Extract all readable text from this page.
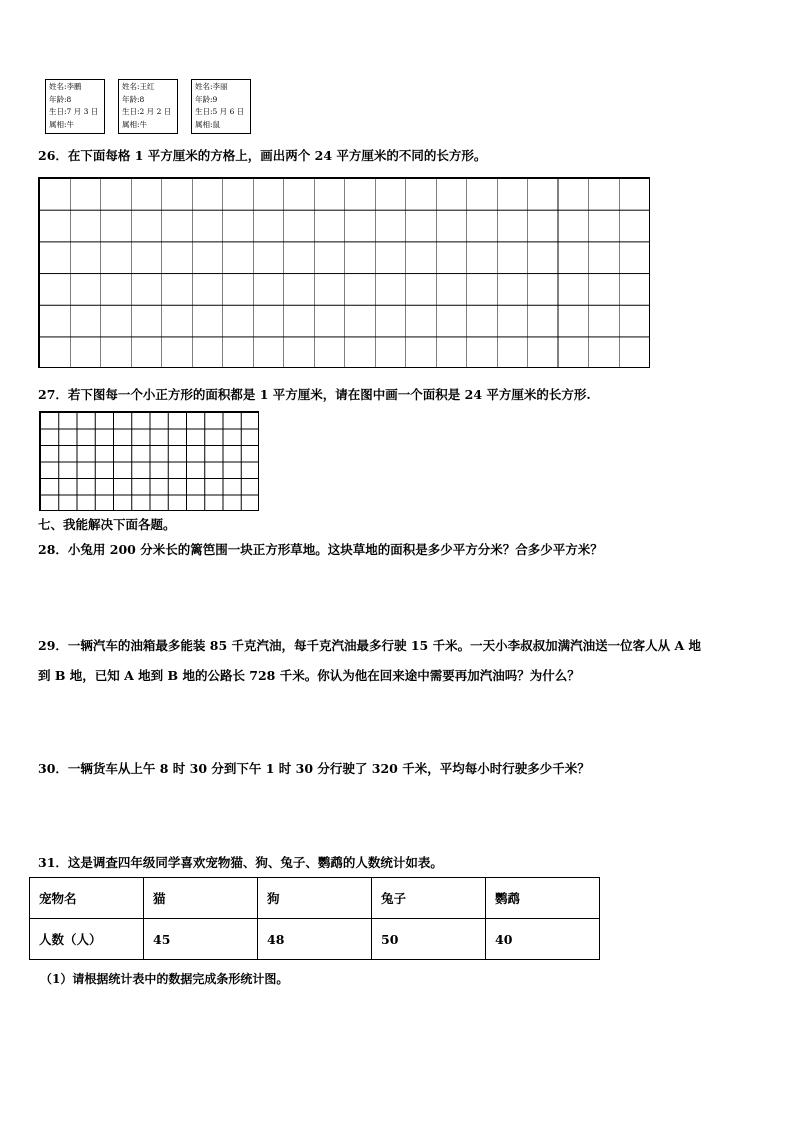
姓名:李鹏
年龄:8
生日:7 月 3 日
属相:牛
姓名:王红
年龄:8
生日:2 月 2 日
属相:牛
姓名:李丽
年龄:9
生日:5 月 6 日
属相:鼠
26．在下面每格 1 平方厘米的方格上，画出两个 24 平方厘米的不同的长方形。
27．若下图每一个小正方形的面积都是 1 平方厘米，请在图中画一个面积是 24 平方厘米的长方形.
七、我能解决下面各题。
28．小兔用 200 分米长的篱笆围一块正方形草地。这块草地的面积是多少平方分米？合多少平方米？
29．一辆汽车的油箱最多能装 85 千克汽油，每千克汽油最多行驶 15 千米。一天小李叔叔加满汽油送一位客人从 A 地
到 B 地，已知 A 地到 B 地的公路长 728 千米。你认为他在回来途中需要再加汽油吗？为什么？
30．一辆货车从上午 8 时 30 分到下午 1 时 30 分行驶了 320 千米，平均每小时行驶多少千米？
31．这是调查四年级同学喜欢宠物猫、狗、兔子、鹦鹉的人数统计如表。
宠物名	猫	狗	兔子	鹦鹉
人数（人）	45	48	50	40
（1）请根据统计表中的数据完成条形统计图。
